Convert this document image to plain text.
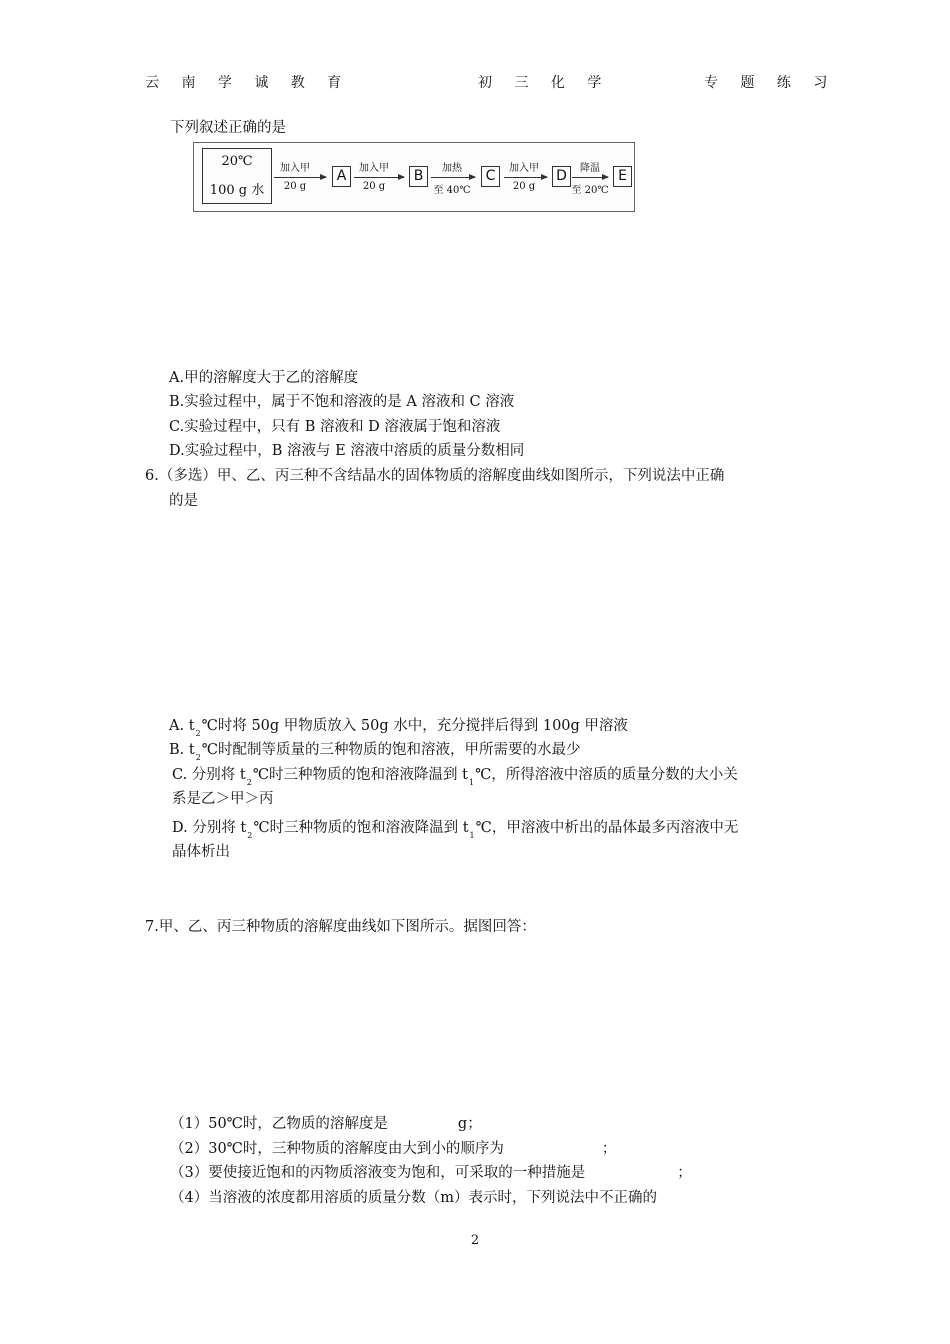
云 南 学 诚 教 育	初 三 化 学	专 题 练 习
下列叙述正确的是
20℃
100 g 水
加入甲
20 g
A	加入甲
20 g
B	加热
至 40℃
C	加入甲
20 g
D	降温
至 20℃
E
A.甲的溶解度大于乙的溶解度
B.实验过程中，属于不饱和溶液的是 A 溶液和 C 溶液
C.实验过程中，只有 B 溶液和 D 溶液属于饱和溶液
D.实验过程中，B 溶液与 E 溶液中溶质的质量分数相同
6.（多选）甲、乙、丙三种不含结晶水的固体物质的溶解度曲线如图所示，下列说法中正确
的是
A. $t_2℃$时将 50g 甲物质放入 50g 水中，充分搅拌后得到 100g 甲溶液
B. $t_2℃$时配制等质量的三种物质的饱和溶液，甲所需要的水最少
C. 分别将 $t_2℃$时三种物质的饱和溶液降温到 $t_1℃$，所得溶液中溶质的质量分数的大小关
系是乙＞甲＞丙
D. 分别将 $t_2℃$时三种物质的饱和溶液降温到 $t_1℃$，甲溶液中析出的晶体最多丙溶液中无
晶体析出
7.甲、乙、丙三种物质的溶解度曲线如下图所示。据图回答：
（1）50℃时，乙物质的溶解度是	g；
（2）30℃时，三种物质的溶解度由大到小的顺序为	；
（3）要使接近饱和的丙物质溶液变为饱和，可采取的一种措施是	；
（4）当溶液的浓度都用溶质的质量分数（m）表示时，下列说法中不正确的
2
